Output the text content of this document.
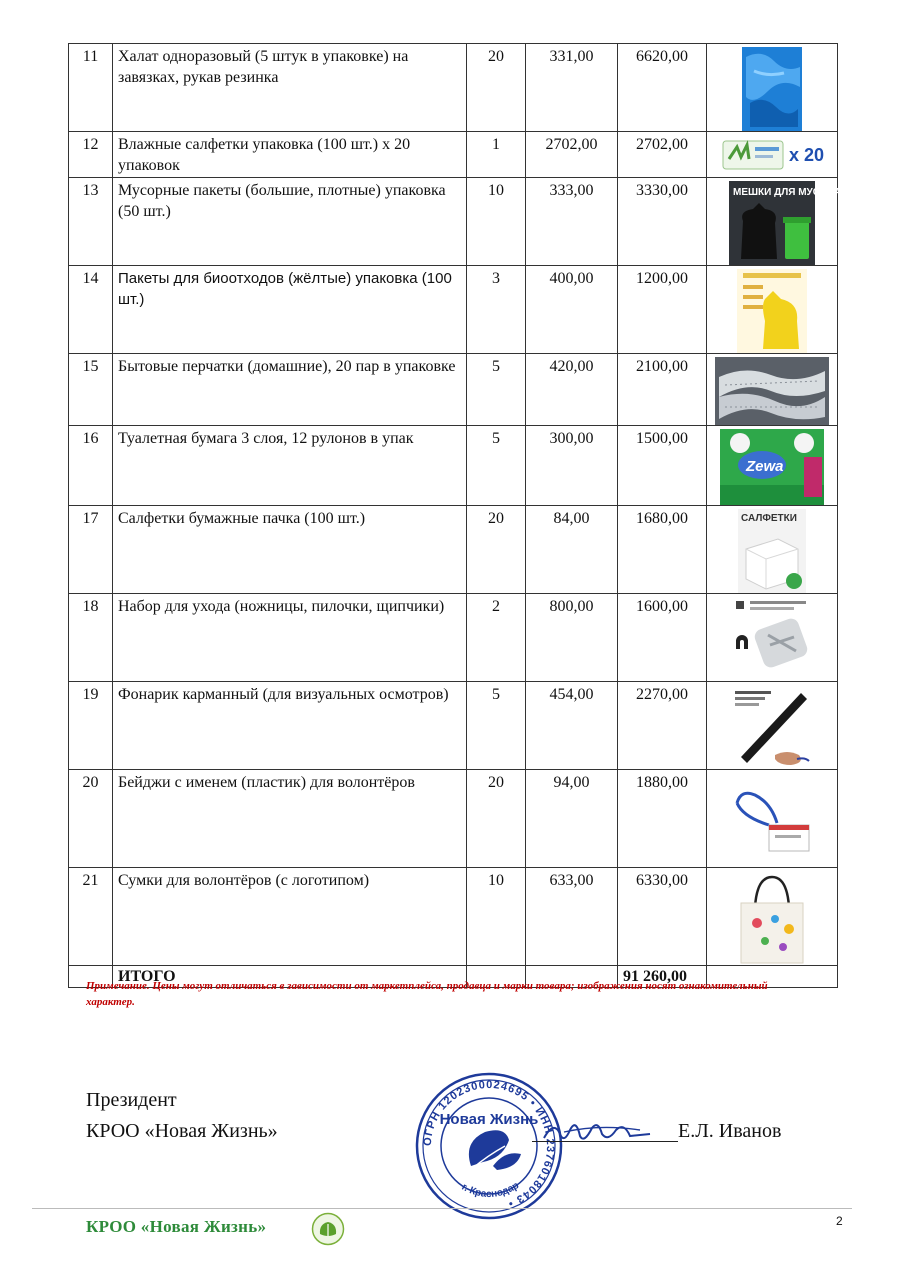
11	Халат одноразовый (5 штук в упаковке) на завязках, рукав резинка	20	331,00	6620,00	

12	Влажные салфетки упаковка (100 шт.) х 20 упаковок	1	2702,00	2702,00	х 20

13	Мусорные пакеты (большие, плотные) упаковка (50 шт.)	10	333,00	3330,00	МЕШКИ ДЛЯ МУСОРА

14	Пакеты для биоотходов (жёлтые) упаковка (100 шт.)	3	400,00	1200,00	

15	Бытовые перчатки (домашние), 20 пар в упаковке	5	420,00	2100,00	

16	Туалетная бумага 3 слоя, 12 рулонов в упак	5	300,00	1500,00	Zewa

17	Салфетки бумажные пачка (100 шт.)	20	84,00	1680,00	САЛФЕТКИ

18	Набор для ухода (ножницы, пилочки, щипчики)	2	800,00	1600,00	

19	Фонарик карманный (для визуальных осмотров)	5	454,00	2270,00	

20	Бейджи с именем (пластик) для волонтёров	20	94,00	1880,00	

21	Сумки для волонтёров (с логотипом)	10	633,00	6330,00	

	ИТОГО			91 260,00	
Примечание. Цены могут отличаться в зависимости от маркетплейса, продавца и марки товара; изображения носят ознакомительный характер.
Президент
КРОО «Новая Жизнь»	ОГРН 1202300024695 • ИНН 2376018043 •
Новая Жизнь
г. Краснодар
Е.Л. Иванов
КРОО «Новая Жизнь»	2
